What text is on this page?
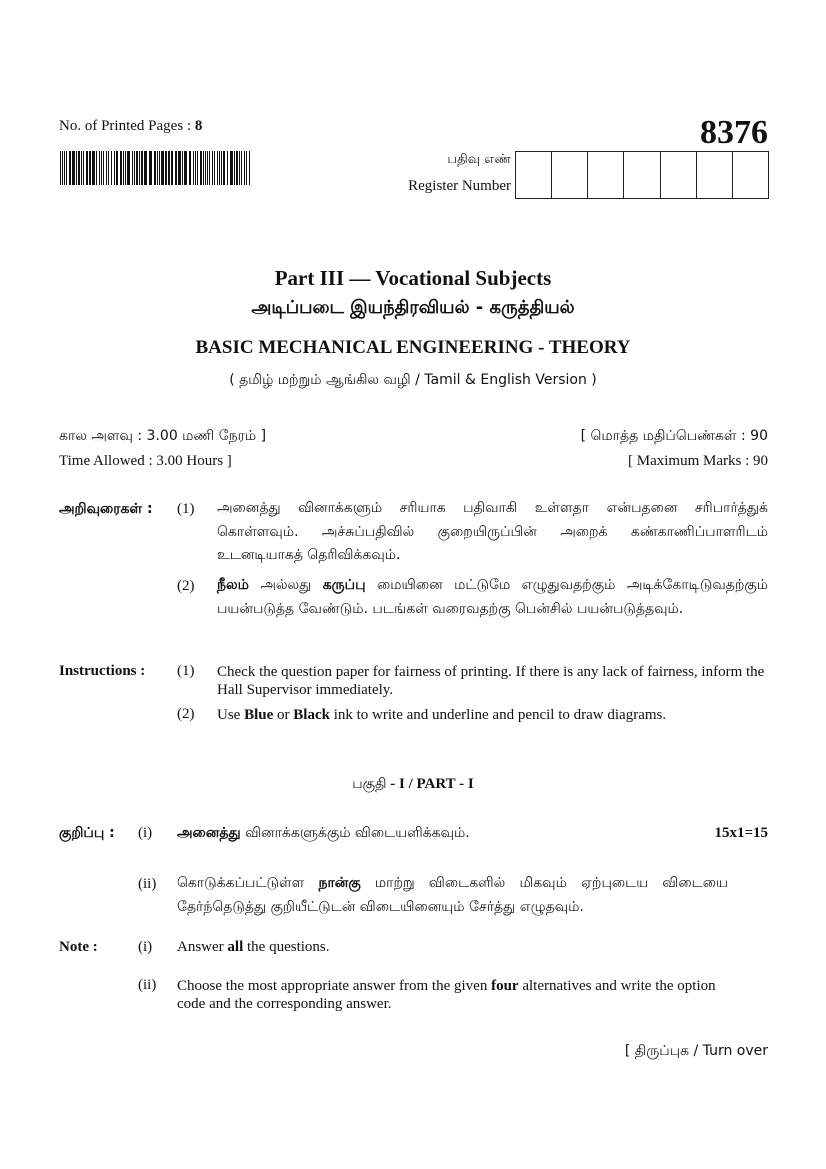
No. of Printed Pages : 8	8376
பதிவு எண்
Register Number
Part III — Vocational Subjects
அடிப்படை இயந்திரவியல் - கருத்தியல்
BASIC MECHANICAL ENGINEERING - THEORY
( தமிழ் மற்றும் ஆங்கில வழி / Tamil & English Version )
கால அளவு : 3.00 மணி நேரம் ]
Time Allowed : 3.00 Hours ]
[ மொத்த மதிப்பெண்கள் : 90
[ Maximum Marks : 90
அறிவுரைகள் : (1) அனைத்து வினாக்களும் சரியாக பதிவாகி உள்ளதா என்பதனை சரிபார்த்துக் கொள்ளவும். அச்சுப்பதிவில் குறையிருப்பின் அறைக் கண்காணிப்பாளரிடம் உடனடியாகத் தெரிவிக்கவும்.
(2) நீலம் அல்லது கருப்பு மையினை மட்டுமே எழுதுவதற்கும் அடிக்கோடிடுவதற்கும் பயன்படுத்த வேண்டும். படங்கள் வரைவதற்கு பென்சில் பயன்படுத்தவும்.
Instructions : (1) Check the question paper for fairness of printing. If there is any lack of fairness, inform the Hall Supervisor immediately.
(2) Use Blue or Black ink to write and underline and pencil to draw diagrams.
பகுதி - I / PART - I
குறிப்பு : (i) அனைத்து வினாக்களுக்கும் விடையளிக்கவும்.	15x1=15
(ii) கொடுக்கப்பட்டுள்ள நான்கு மாற்று விடைகளில் மிகவும் ஏற்புடைய விடையை தேர்ந்தெடுத்து குறியீட்டுடன் விடையினையும் சேர்த்து எழுதவும்.
Note :	(i) Answer all the questions.
(ii) Choose the most appropriate answer from the given four alternatives and write the option code and the corresponding answer.
[ திருப்புக / Turn over
